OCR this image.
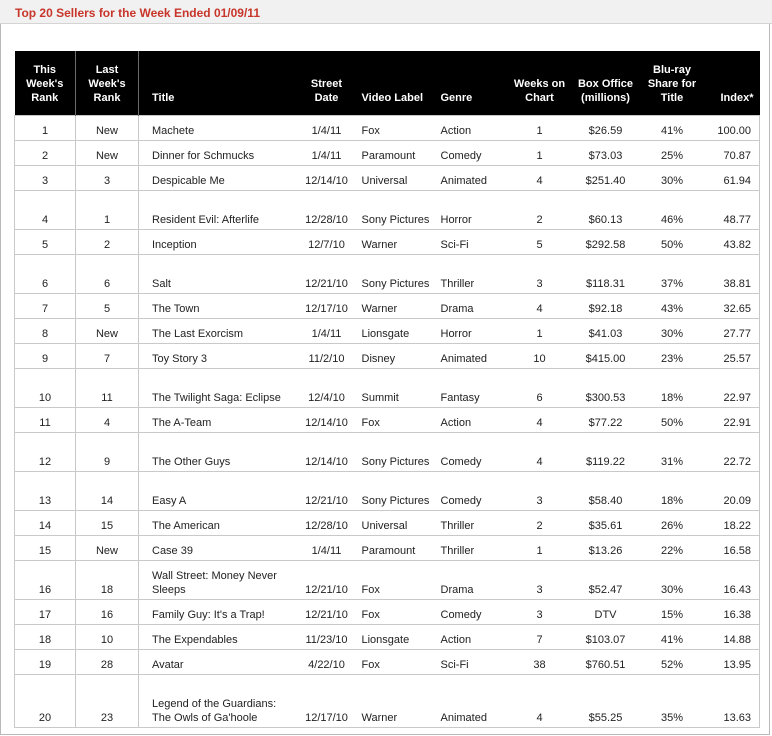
Top 20 Sellers for the Week Ended 01/09/11
This Week's Rank	Last Week's Rank	Title	Street Date	Video Label	Genre	Weeks on Chart	Box Office (millions)	Blu-ray Share for Title	Index*
1	New	Machete	1/4/11	Fox	Action	1	$26.59	41%	100.00
2	New	Dinner for Schmucks	1/4/11	Paramount	Comedy	1	$73.03	25%	70.87
3	3	Despicable Me	12/14/10	Universal	Animated	4	$251.40	30%	61.94
4	1	Resident Evil: Afterlife	12/28/10	Sony Pictures	Horror	2	$60.13	46%	48.77
5	2	Inception	12/7/10	Warner	Sci-Fi	5	$292.58	50%	43.82
6	6	Salt	12/21/10	Sony Pictures	Thriller	3	$118.31	37%	38.81
7	5	The Town	12/17/10	Warner	Drama	4	$92.18	43%	32.65
8	New	The Last Exorcism	1/4/11	Lionsgate	Horror	1	$41.03	30%	27.77
9	7	Toy Story 3	11/2/10	Disney	Animated	10	$415.00	23%	25.57
10	11	The Twilight Saga: Eclipse	12/4/10	Summit	Fantasy	6	$300.53	18%	22.97
11	4	The A-Team	12/14/10	Fox	Action	4	$77.22	50%	22.91
12	9	The Other Guys	12/14/10	Sony Pictures	Comedy	4	$119.22	31%	22.72
13	14	Easy A	12/21/10	Sony Pictures	Comedy	3	$58.40	18%	20.09
14	15	The American	12/28/10	Universal	Thriller	2	$35.61	26%	18.22
15	New	Case 39	1/4/11	Paramount	Thriller	1	$13.26	22%	16.58
16	18	Wall Street: Money Never Sleeps	12/21/10	Fox	Drama	3	$52.47	30%	16.43
17	16	Family Guy: It's a Trap!	12/21/10	Fox	Comedy	3	DTV	15%	16.38
18	10	The Expendables	11/23/10	Lionsgate	Action	7	$103.07	41%	14.88
19	28	Avatar	4/22/10	Fox	Sci-Fi	38	$760.51	52%	13.95
20	23	Legend of the Guardians: The Owls of Ga'hoole	12/17/10	Warner	Animated	4	$55.25	35%	13.63
